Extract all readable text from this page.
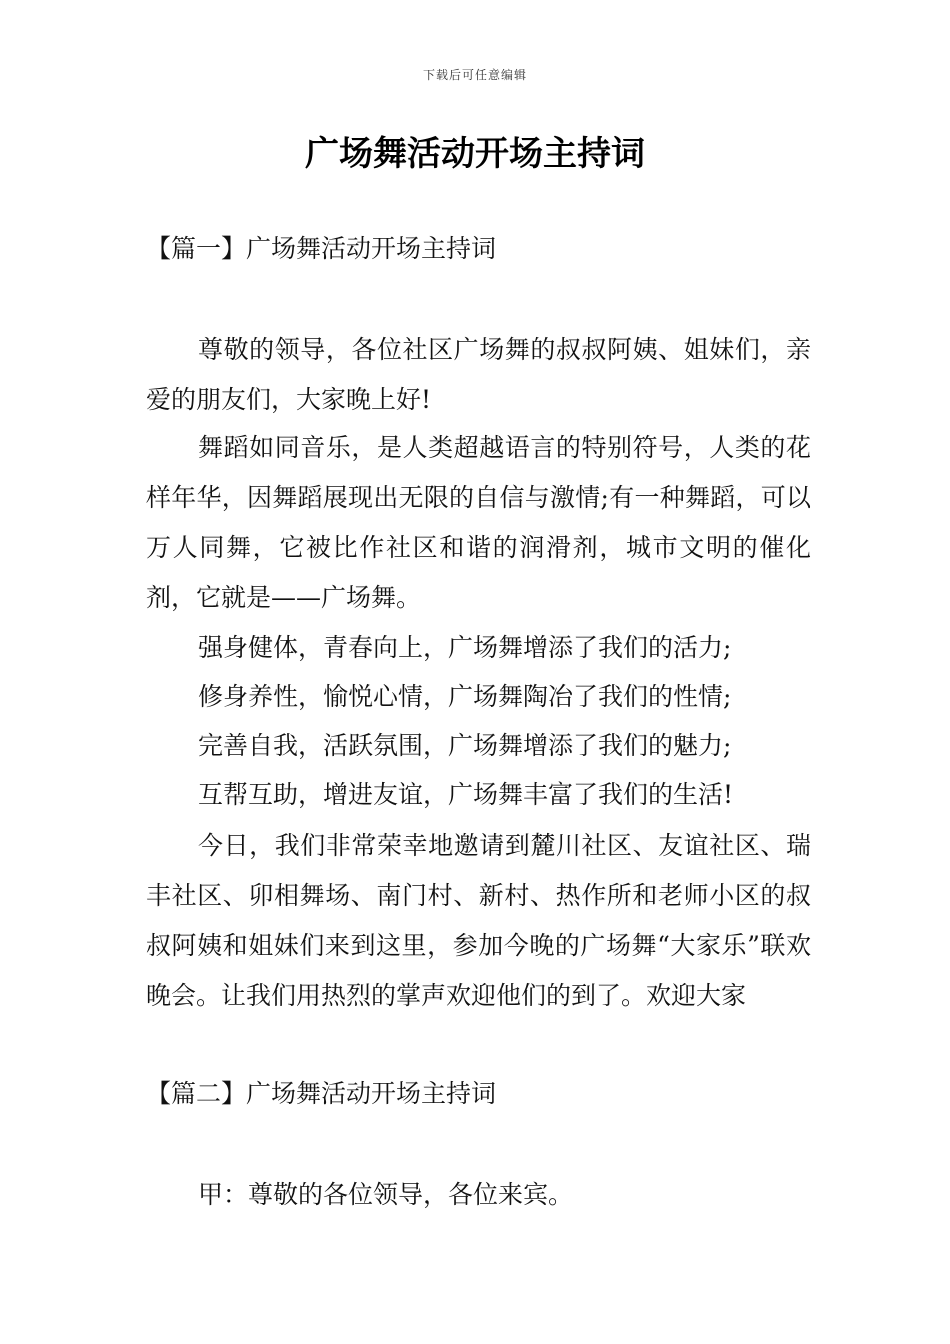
下载后可任意编辑
广场舞活动开场主持词
【篇一】广场舞活动开场主持词

尊敬的领导，各位社区广场舞的叔叔阿姨、姐妹们，亲爱的朋友们，大家晚上好!

舞蹈如同音乐，是人类超越语言的特别符号，人类的花样年华，因舞蹈展现出无限的自信与激情;有一种舞蹈，可以万人同舞，它被比作社区和谐的润滑剂，城市文明的催化剂，它就是——广场舞。

强身健体，青春向上，广场舞增添了我们的活力;

修身养性，愉悦心情，广场舞陶冶了我们的性情;

完善自我，活跃氛围，广场舞增添了我们的魅力;

互帮互助，增进友谊，广场舞丰富了我们的生活!

今日，我们非常荣幸地邀请到麓川社区、友谊社区、瑞丰社区、卯相舞场、南门村、新村、热作所和老师小区的叔叔阿姨和姐妹们来到这里，参加今晚的广场舞“大家乐”联欢晚会。让我们用热烈的掌声欢迎他们的到了。欢迎大家

【篇二】广场舞活动开场主持词

甲：尊敬的各位领导，各位来宾。
